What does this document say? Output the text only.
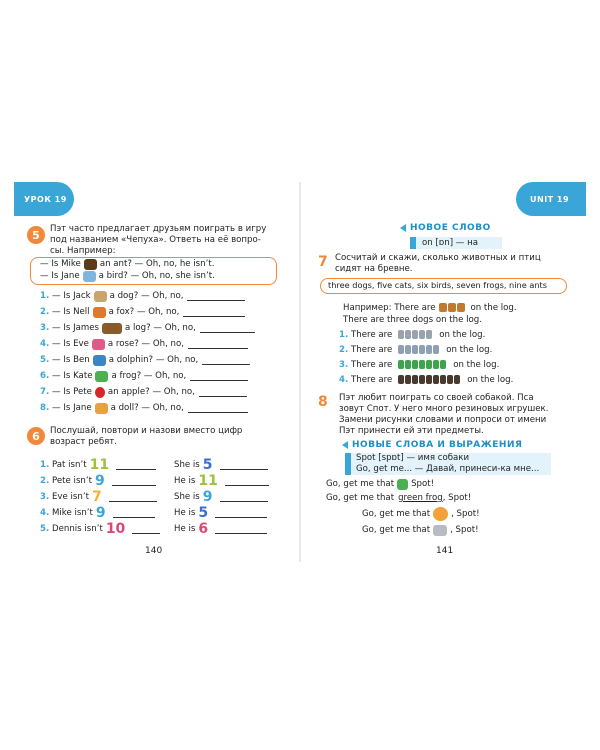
УРОК 19
5	Пэт часто предлагает друзьям поиграть в игру
под названием «Чепуха». Ответь на её вопро-
сы. Например:
— Is Mike an ant? — Oh, no, he isn’t.
— Is Jane a bird? — Oh, no, she isn’t.
1. — Is Jack a dog? — Oh, no,
2. — Is Nell a fox? — Oh, no,
3. — Is James	a log? — Oh, no,
4. — Is Eve a rose? — Oh, no,
5. — Is Ben a dolphin? — Oh, no,
6. — Is Kate a frog? — Oh, no,
7. — Is Pete an apple? — Oh, no,
8. — Is Jane a doll? — Oh, no,
6	Послушай, повтори и назови вместо цифр
возраст ребят.
1. Pat isn’t 11	She is 5
2. Pete isn’t 9	He is 11
3. Eve isn’t 7	She is 9
4. Mike isn’t 9	He is 5
5. Dennis isn’t 10	He is 6
140
UNIT 19
НОВОЕ СЛОВО
on [ɒn] — на
7 Сосчитай и скажи, сколько животных и птиц
сидят на бревне.
three dogs, five cats, six birds, seven frogs, nine ants
Например: There are	on the log.
There are three dogs on the log.
1. There are	on the log.
2. There are	on the log.
3. There are	on the log.
4. There are	on the log.
8 Пэт любит поиграть со своей собакой. Пса
зовут Спот. У него много резиновых игрушек.
Замени рисунки словами и попроси от имени
Пэт принести ей эти предметы.
НОВЫЕ СЛОВА И ВЫРАЖЕНИЯ
Spot [spɒt] — имя собаки
Go, get me... — Давай, принеси-ка мне...
Go, get me that Spot!
Go, get me that green frog , Spot!
Go, get me that , Spot!
Go, get me that , Spot!
141
